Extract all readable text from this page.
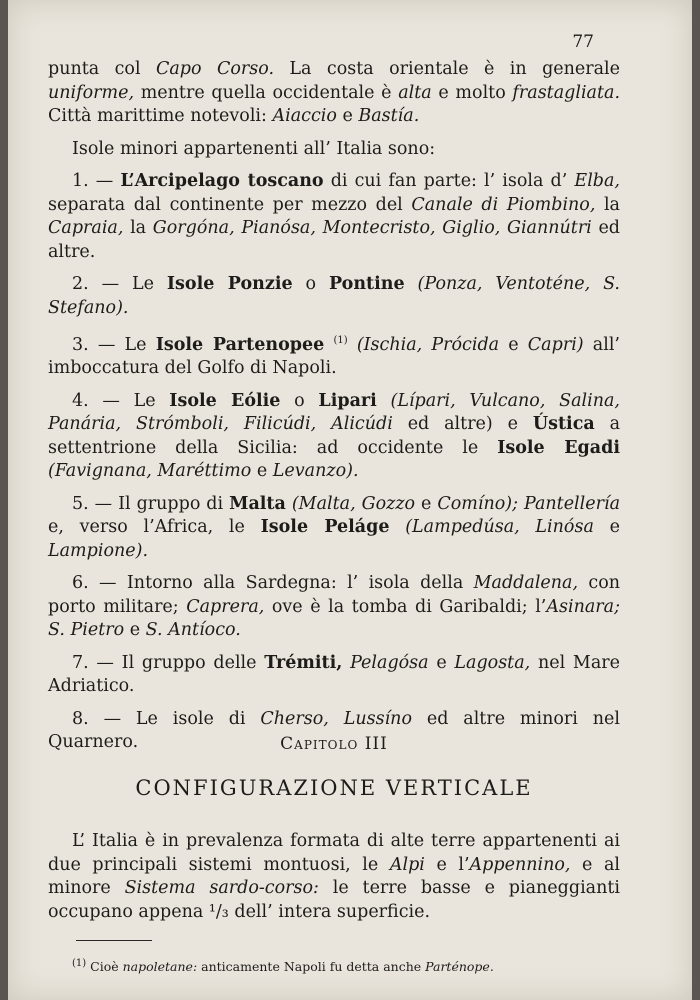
77

punta col Capo Corso. La costa orientale è in generale uniforme, mentre quella occidentale è alta e molto frastagliata. Città marittime notevoli: Aiaccio e Bastía.

Isole minori appartenenti all’ Italia sono:

1. — L’Arcipelago toscano di cui fan parte: l’ isola d’ Elba, separata dal continente per mezzo del Canale di Piombino, la Capraia, la Gorgóna, Pianósa, Montecristo, Giglio, Giannútri ed altre.

2. — Le Isole Ponzie o Pontine (Ponza, Ventoténe, S. Stefano).

3. — Le Isole Partenopee $^{(1)}$ (Ischia, Prócida e Capri) all’ imboccatura del Golfo di Napoli.

4. — Le Isole Eólie o Lipari (Lípari, Vulcano, Salina, Panária, Strómboli, Filicúdi, Alicúdi ed altre) e Ústica a settentrione della Sicilia: ad occidente le Isole Egadi (Favignana, Maréttimo e Levanzo).

5. — Il gruppo di Malta (Malta, Gozzo e Comíno); Pantellería e, verso l’Africa, le Isole Peláge (Lampedúsa, Linósa e Lampione).

6. — Intorno alla Sardegna: l’ isola della Maddalena, con porto militare; Caprera, ove è la tomba di Garibaldi; l’Asinara; S. Pietro e S. Antíoco.

7. — Il gruppo delle Trémiti, Pelagósa e Lagosta, nel Mare Adriatico.

8. — Le isole di Cherso, Lussíno ed altre minori nel Quarnero.	Capitolo III
CONFIGURAZIONE VERTICALE

L’ Italia è in prevalenza formata di alte terre appartenenti ai due principali sistemi montuosi, le Alpi e l’Appennino, e al minore Sistema sardo-corso: le terre basse e pianeggianti occupano appena ¹/₃ dell’ intera superficie.

$^{(1)}$ Cioè napoletane: anticamente Napoli fu detta anche Parténope.
